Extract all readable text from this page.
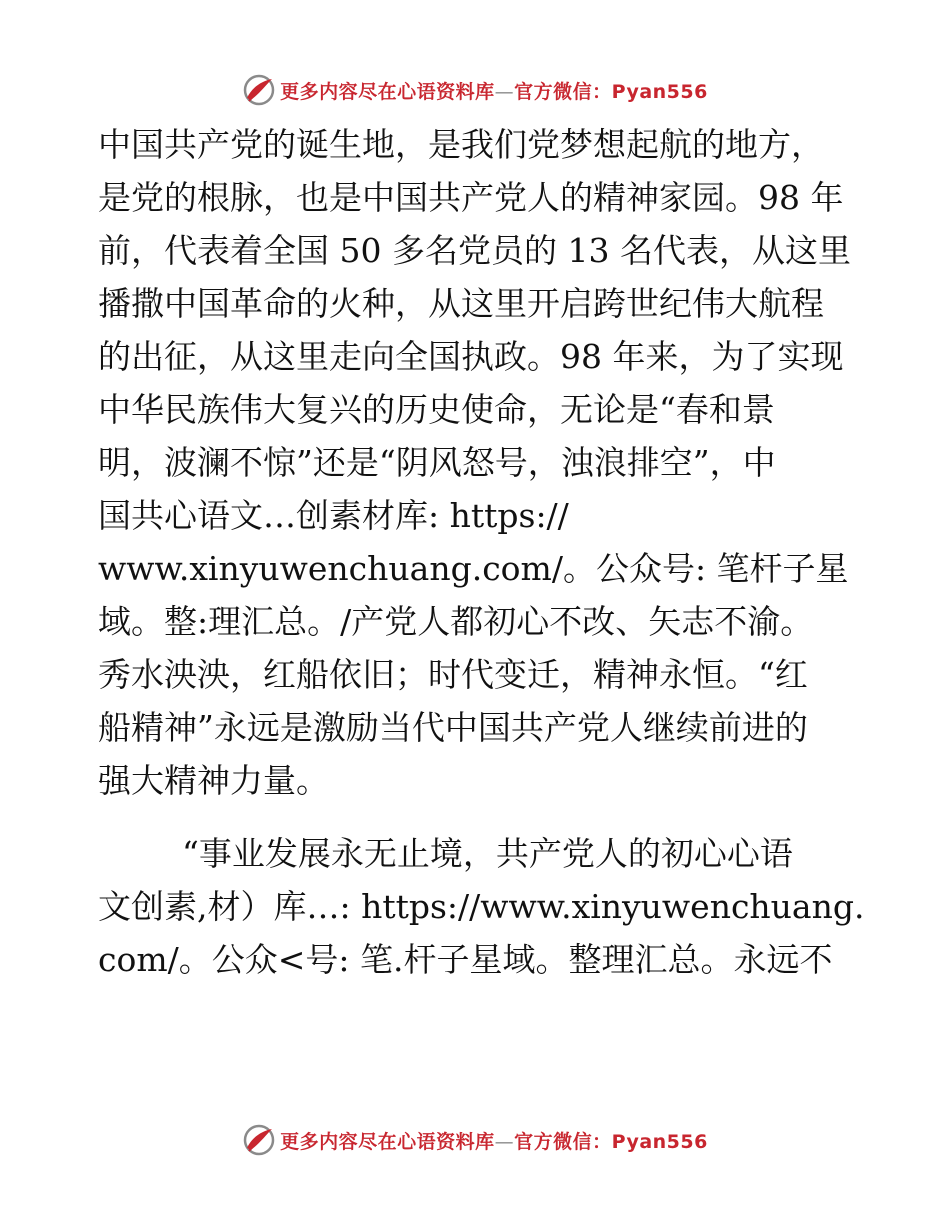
更多内容尽在心语资料库—官方微信：Pyan556
中国共产党的诞生地，是我们党梦想起航的地方，
是党的根脉，也是中国共产党人的精神家园。98 年
前，代表着全国 50 多名党员的 13 名代表，从这里
播撒中国革命的火种，从这里开启跨世纪伟大航程
的出征，从这里走向全国执政。98 年来，为了实现
中华民族伟大复兴的历史使命，无论是“春和景
明，波澜不惊”还是“阴风怒号，浊浪排空”，中
国共心语文…创素材库: https://
www.xinyuwenchuang.com/。公众号: 笔杆子星
域。整:理汇总。/产党人都初心不改、矢志不渝。
秀水泱泱，红船依旧；时代变迁，精神永恒。“红
船精神”永远是激励当代中国共产党人继续前进的
强大精神力量。
“事业发展永无止境，共产党人的初心心语
文创素,材）库…: https://www.xinyuwenchuang.
com/。公众<号: 笔.杆子星域。整理汇总。永远不
更多内容尽在心语资料库—官方微信：Pyan556
